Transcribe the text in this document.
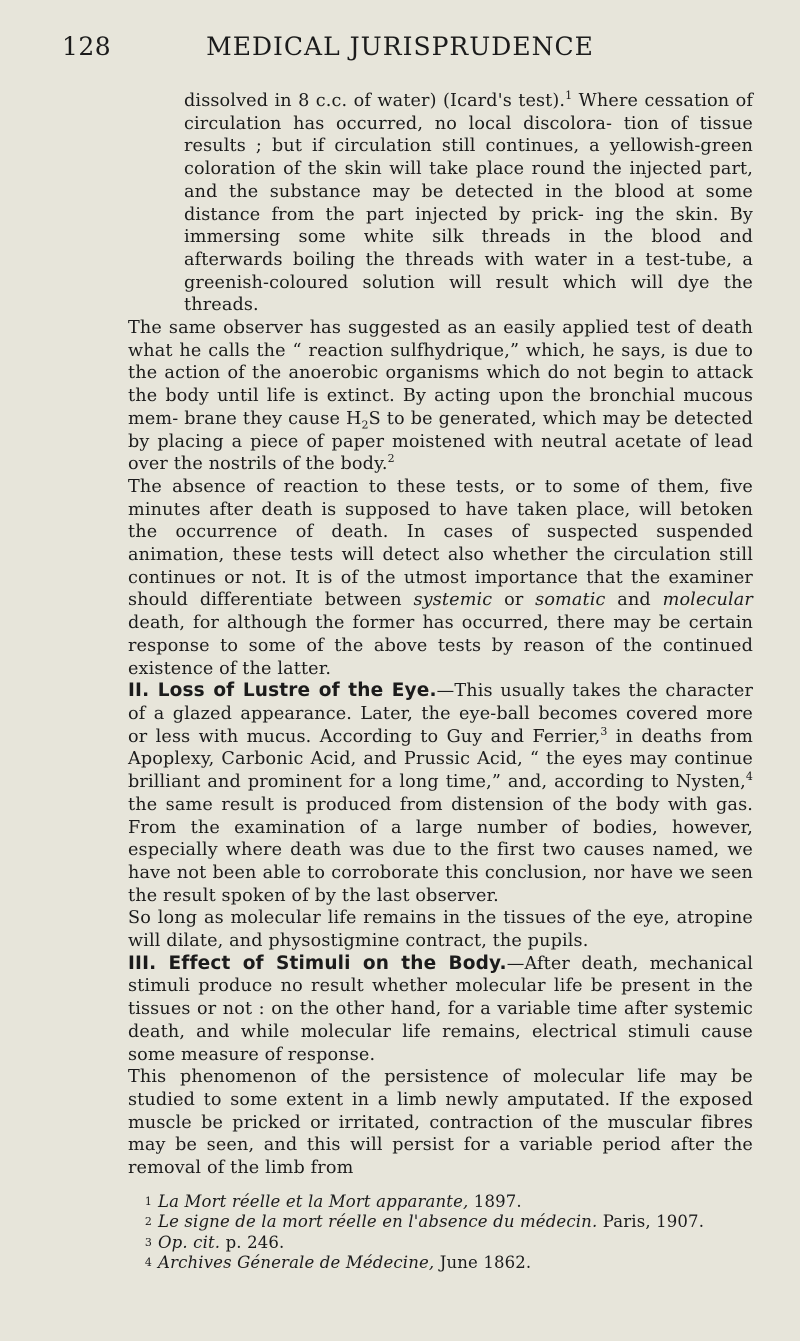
128	MEDICAL JURISPRUDENCE

dissolved in 8 c.c. of water) (Icard's test).$^1$ Where cessation of circulation has occurred, no local discolora- tion of tissue results ; but if circulation still continues, a yellowish-green coloration of the skin will take place round the injected part, and the substance may be detected in the blood at some distance from the part injected by prick- ing the skin. By immersing some white silk threads in the blood and afterwards boiling the threads with water in a test-tube, a greenish-coloured solution will result which will dye the threads.

The same observer has suggested as an easily applied test of death what he calls the “ reaction sulfhydrique,” which, he says, is due to the action of the anoerobic organisms which do not begin to attack the body until life is extinct. By acting upon the bronchial mucous mem- brane they cause $H_2S$ to be generated, which may be detected by placing a piece of paper moistened with neutral acetate of lead over the nostrils of the body.$^2$

The absence of reaction to these tests, or to some of them, five minutes after death is supposed to have taken place, will betoken the occurrence of death. In cases of suspected suspended animation, these tests will detect also whether the circulation still continues or not. It is of the utmost importance that the examiner should differentiate between systemic or somatic and molecular death, for although the former has occurred, there may be certain response to some of the above tests by reason of the continued existence of the latter.

II. Loss of Lustre of the Eye.—This usually takes the character of a glazed appearance. Later, the eye-ball becomes covered more or less with mucus. According to Guy and Ferrier,$^3$ in deaths from Apoplexy, Carbonic Acid, and Prussic Acid, “ the eyes may continue brilliant and prominent for a long time,” and, according to Nysten,$^4$ the same result is produced from distension of the body with gas. From the examination of a large number of bodies, however, especially where death was due to the first two causes named, we have not been able to corroborate this conclusion, nor have we seen the result spoken of by the last observer.

So long as molecular life remains in the tissues of the eye, atropine will dilate, and physostigmine contract, the pupils.

III. Effect of Stimuli on the Body.—After death, mechanical stimuli produce no result whether molecular life be present in the tissues or not : on the other hand, for a variable time after systemic death, and while molecular life remains, electrical stimuli cause some measure of response.

This phenomenon of the persistence of molecular life may be studied to some extent in a limb newly amputated. If the exposed muscle be pricked or irritated, contraction of the muscular fibres may be seen, and this will persist for a variable period after the removal of the limb from

1 La Mort réelle et la Mort apparante, 1897.
2 Le signe de la mort réelle en l'absence du médecin. Paris, 1907.
3 Op. cit. p. 246.
4 Archives Génerale de Médecine, June 1862.
